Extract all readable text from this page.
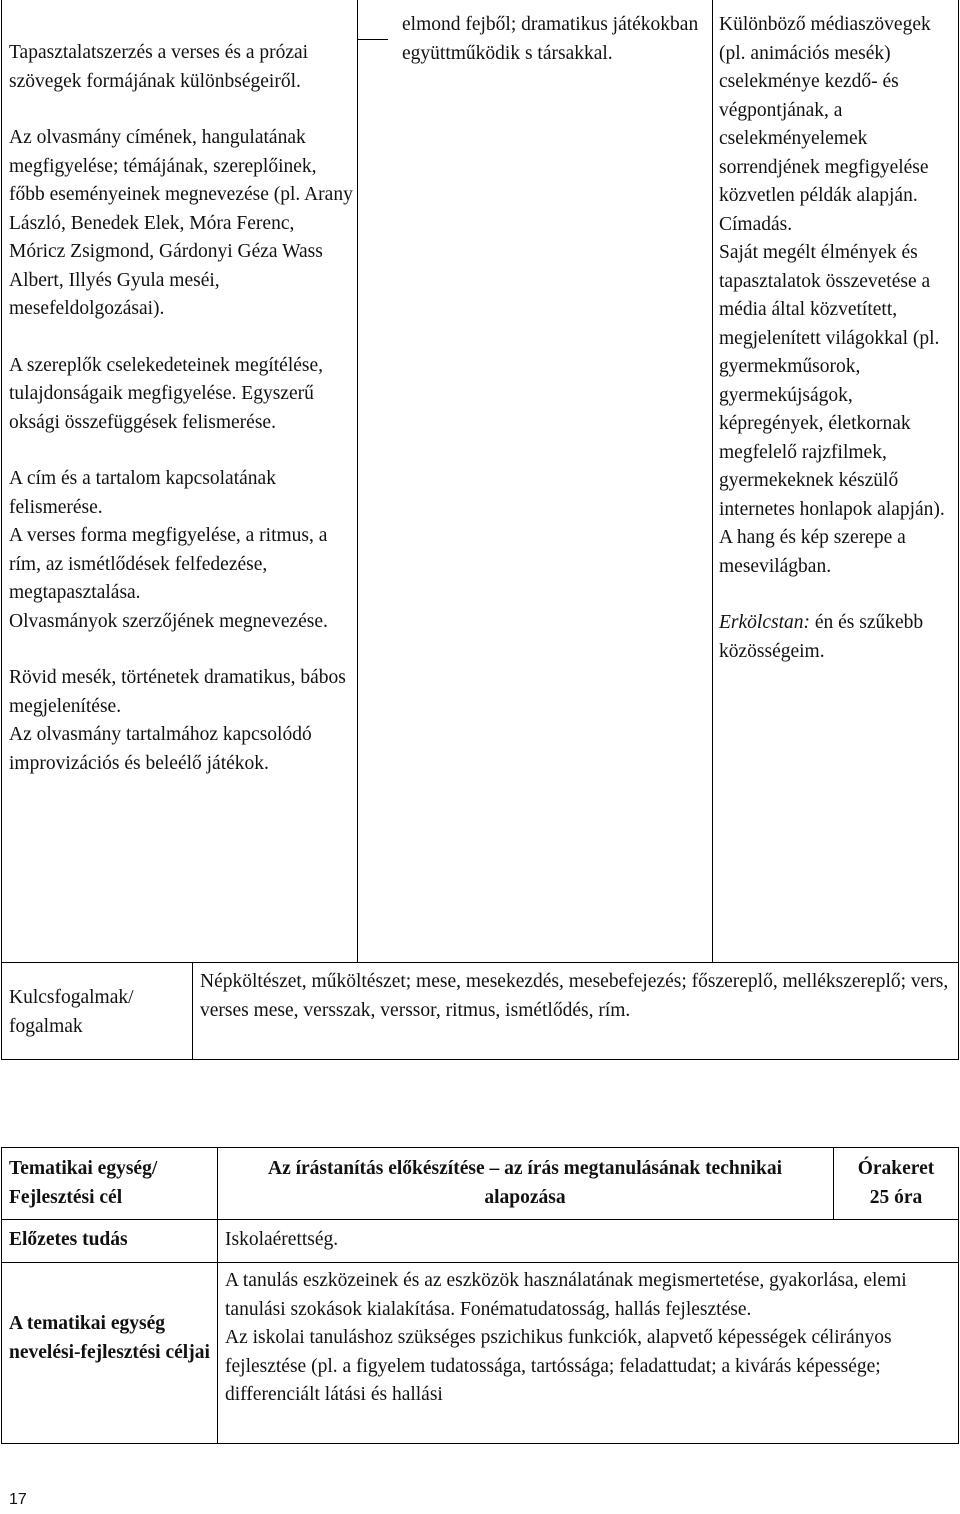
Tapasztalatszerzés a verses és a prózai szövegek formájának különbségeiről.

Az olvasmány címének, hangulatának megfigyelése; témájának, szereplőinek, főbb eseményeinek megnevezése (pl. Arany László, Benedek Elek, Móra Ferenc, Móricz Zsigmond, Gárdonyi Géza Wass Albert, Illyés Gyula meséi, mesefeldolgozásai).

A szereplők cselekedeteinek megítélése, tulajdonságaik megfigyelése. Egyszerű oksági összefüggések felismerése.

A cím és a tartalom kapcsolatának felismerése.

A verses forma megfigyelése, a ritmus, a rím, az ismétlődések felfedezése, megtapasztalása.

Olvasmányok szerzőjének megnevezése.

Rövid mesék, történetek dramatikus, bábos megjelenítése.

Az olvasmány tartalmához kapcsolódó improvizációs és beleélő játékok.

elmond fejből; dramatikus játékokban együttműködik s társakkal.

Különböző médiaszövegek (pl. animációs mesék) cselekménye kezdő- és végpontjának, a cselekményelemek sorrendjének megfigyelése közvetlen példák alapján. Címadás.

Saját megélt élmények és tapasztalatok összevetése a média által közvetített, megjelenített világokkal (pl. gyermekműsorok, gyermekújságok, képregények, életkornak megfelelő rajzfilmek, gyermekeknek készülő internetes honlapok alapján). A hang és kép szerepe a mesevilágban.

Erkölcstan: én és szűkebb közösségeim.

Kulcsfogalmak/ fogalmak

Népköltészet, műköltészet; mese, mesekezdés, mesebefejezés; főszereplő, mellékszereplő; vers, verses mese, versszak, verssor, ritmus, ismétlődés, rím.

Tematikai egység/ Fejlesztési cél

Az írástanítás előkészítése – az írás megtanulásának technikai alapozása

Órakeret

25 óra

Előzetes tudás	Iskolaérettség.

A tematikai egység nevelési-fejlesztési céljai

A tanulás eszközeinek és az eszközök használatának megismertetése, gyakorlása, elemi tanulási szokások kialakítása. Fonématudatosság, hallás fejlesztése.

Az iskolai tanuláshoz szükséges pszichikus funkciók, alapvető képességek célirányos fejlesztése (pl. a figyelem tudatossága, tartóssága; feladattudat; a kivárás képessége; differenciált látási és hallási

17
